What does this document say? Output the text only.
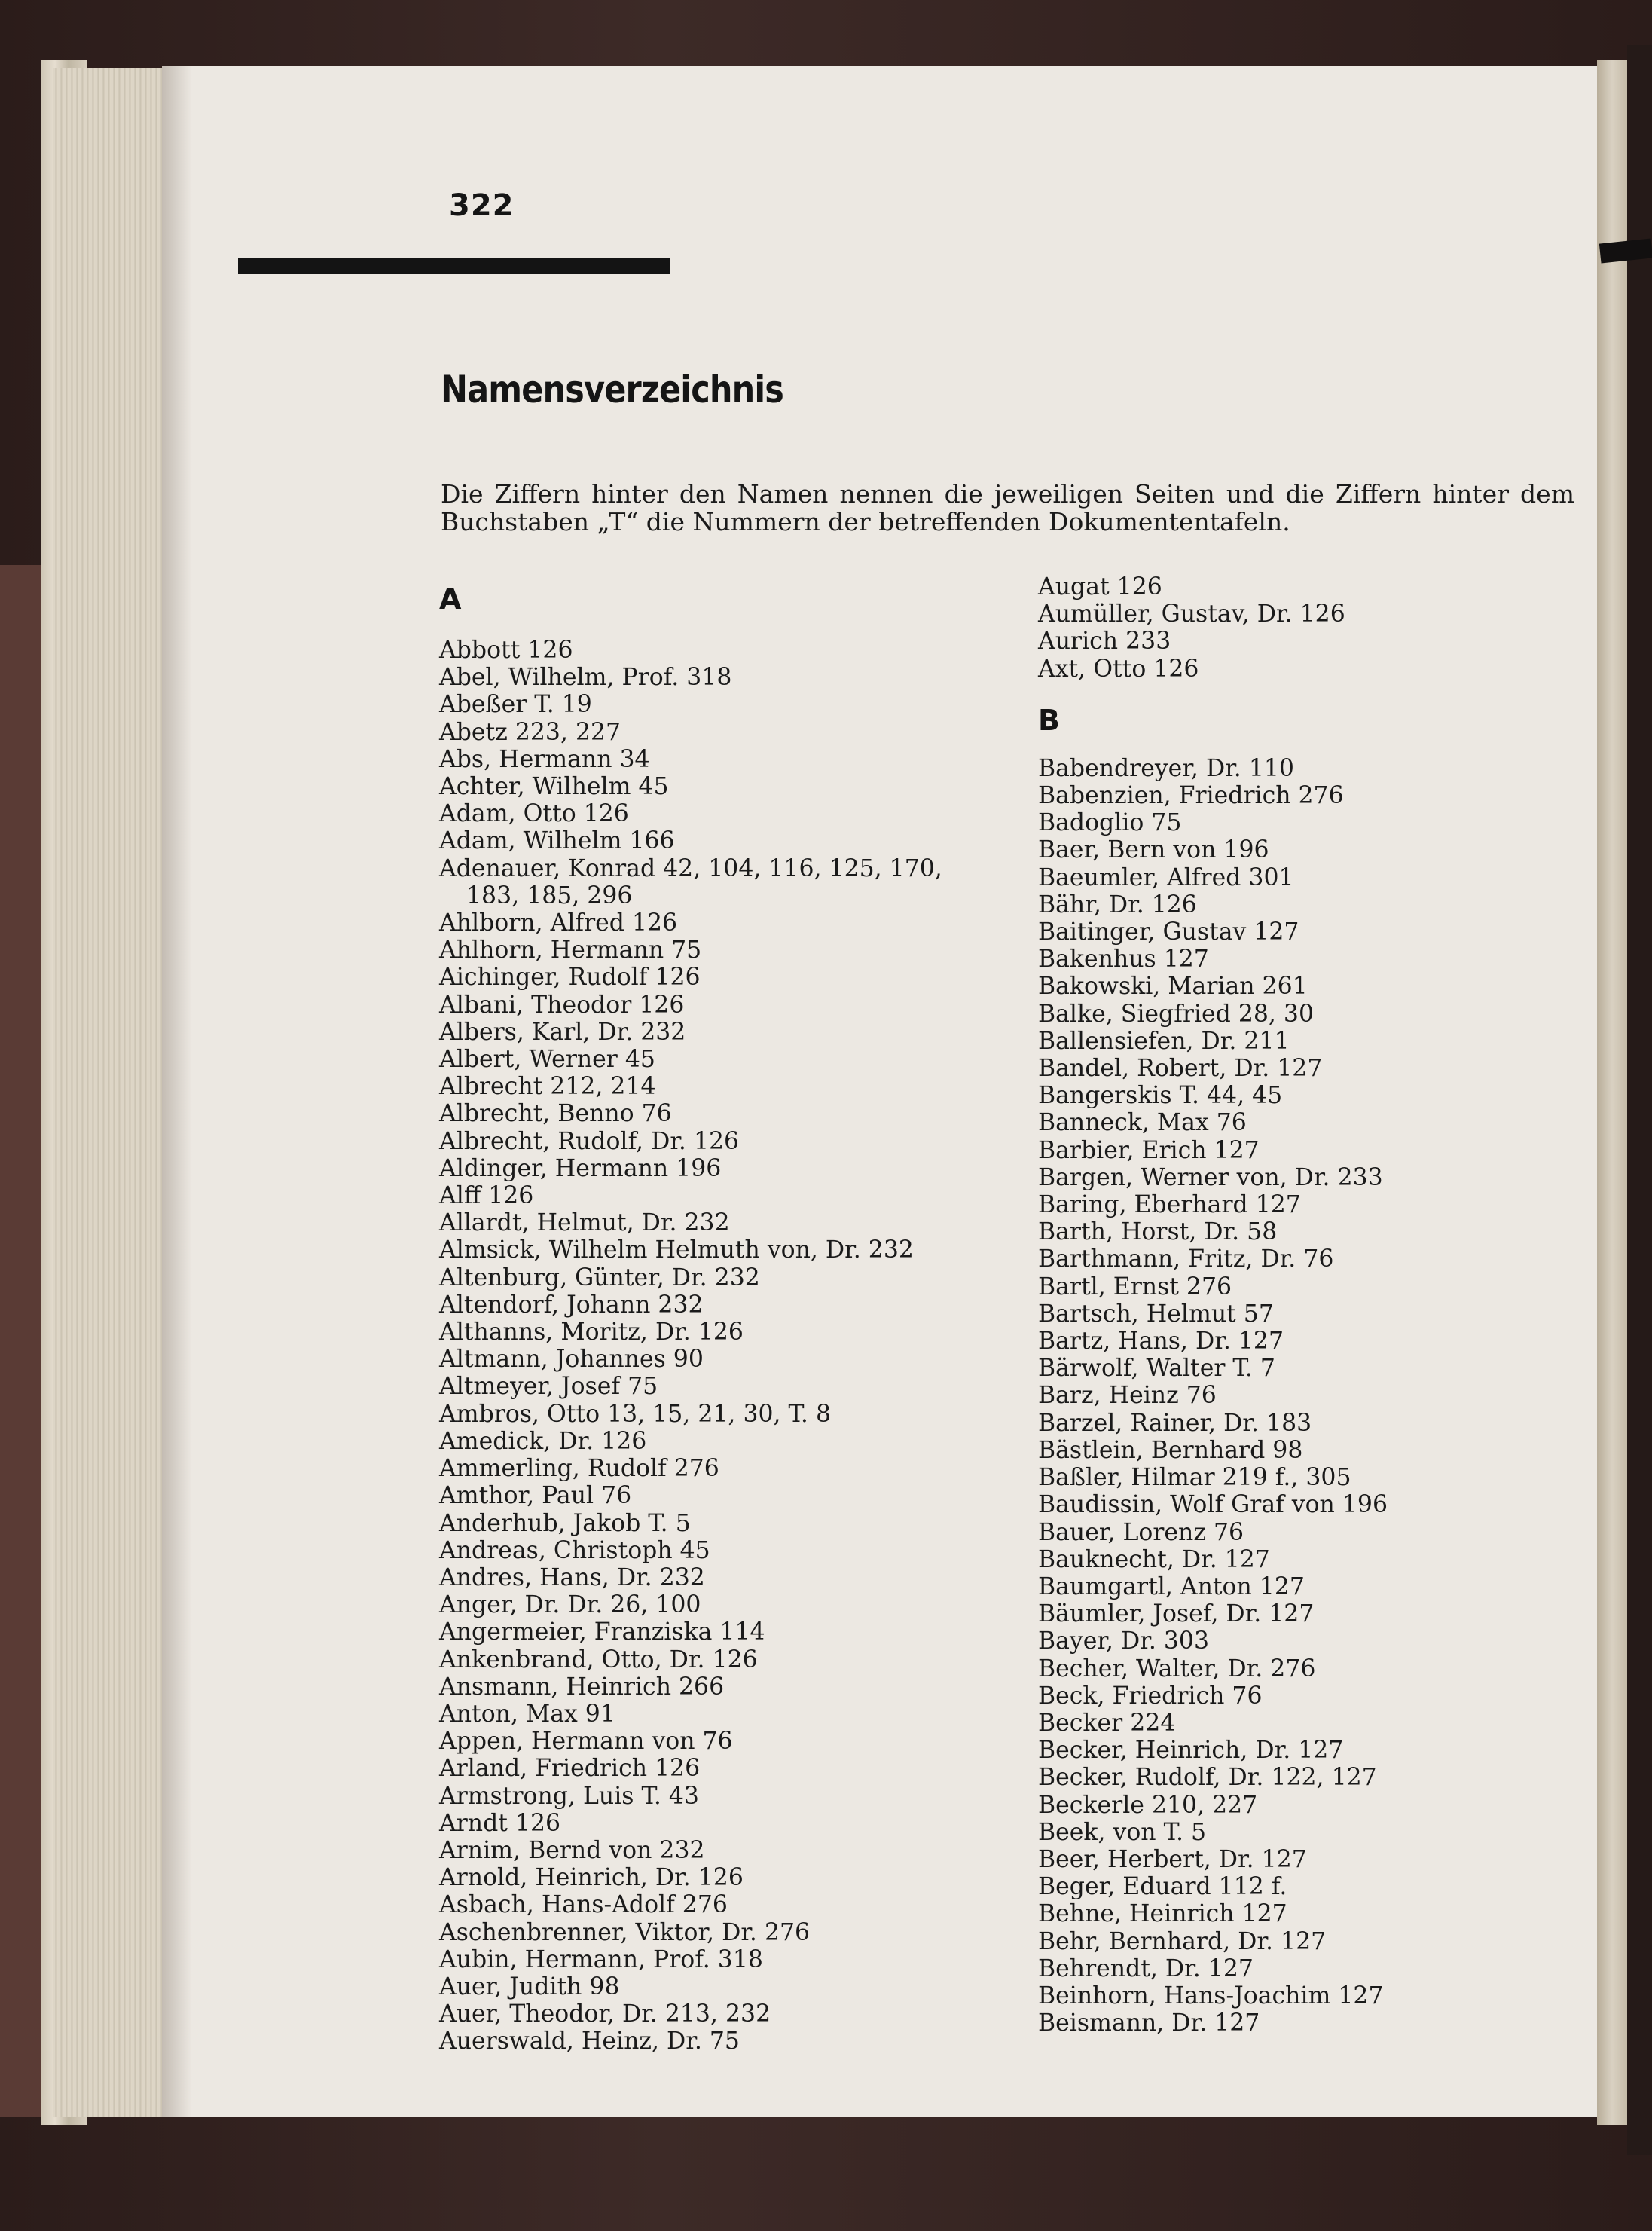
322
Namensverzeichnis
Die Ziffern hinter den Namen nennen die jeweiligen Seiten und die Ziffern hinter dem Buchstaben „T“ die Nummern der betreffenden Dokumententafeln.
A
Abbott 126
Abel, Wilhelm, Prof. 318
Abeßer T. 19
Abetz 223, 227
Abs, Hermann 34
Achter, Wilhelm 45
Adam, Otto 126
Adam, Wilhelm 166
Adenauer, Konrad 42, 104, 116, 125, 170, 183, 185, 296
Ahlborn, Alfred 126
Ahlhorn, Hermann 75
Aichinger, Rudolf 126
Albani, Theodor 126
Albers, Karl, Dr. 232
Albert, Werner 45
Albrecht 212, 214
Albrecht, Benno 76
Albrecht, Rudolf, Dr. 126
Aldinger, Hermann 196
Alff 126
Allardt, Helmut, Dr. 232
Almsick, Wilhelm Helmuth von, Dr. 232
Altenburg, Günter, Dr. 232
Altendorf, Johann 232
Althanns, Moritz, Dr. 126
Altmann, Johannes 90
Altmeyer, Josef 75
Ambros, Otto 13, 15, 21, 30, T. 8
Amedick, Dr. 126
Ammerling, Rudolf 276
Amthor, Paul 76
Anderhub, Jakob T. 5
Andreas, Christoph 45
Andres, Hans, Dr. 232
Anger, Dr. Dr. 26, 100
Angermeier, Franziska 114
Ankenbrand, Otto, Dr. 126
Ansmann, Heinrich 266
Anton, Max 91
Appen, Hermann von 76
Arland, Friedrich 126
Armstrong, Luis T. 43
Arndt 126
Arnim, Bernd von 232
Arnold, Heinrich, Dr. 126
Asbach, Hans-Adolf 276
Aschenbrenner, Viktor, Dr. 276
Aubin, Hermann, Prof. 318
Auer, Judith 98
Auer, Theodor, Dr. 213, 232
Auerswald, Heinz, Dr. 75
Augat 126
Aumüller, Gustav, Dr. 126
Aurich 233
Axt, Otto 126
B
Babendreyer, Dr. 110
Babenzien, Friedrich 276
Badoglio 75
Baer, Bern von 196
Baeumler, Alfred 301
Bähr, Dr. 126
Baitinger, Gustav 127
Bakenhus 127
Bakowski, Marian 261
Balke, Siegfried 28, 30
Ballensiefen, Dr. 211
Bandel, Robert, Dr. 127
Bangerskis T. 44, 45
Banneck, Max 76
Barbier, Erich 127
Bargen, Werner von, Dr. 233
Baring, Eberhard 127
Barth, Horst, Dr. 58
Barthmann, Fritz, Dr. 76
Bartl, Ernst 276
Bartsch, Helmut 57
Bartz, Hans, Dr. 127
Bärwolf, Walter T. 7
Barz, Heinz 76
Barzel, Rainer, Dr. 183
Bästlein, Bernhard 98
Baßler, Hilmar 219 f., 305
Baudissin, Wolf Graf von 196
Bauer, Lorenz 76
Bauknecht, Dr. 127
Baumgartl, Anton 127
Bäumler, Josef, Dr. 127
Bayer, Dr. 303
Becher, Walter, Dr. 276
Beck, Friedrich 76
Becker 224
Becker, Heinrich, Dr. 127
Becker, Rudolf, Dr. 122, 127
Beckerle 210, 227
Beek, von T. 5
Beer, Herbert, Dr. 127
Beger, Eduard 112 f.
Behne, Heinrich 127
Behr, Bernhard, Dr. 127
Behrendt, Dr. 127
Beinhorn, Hans-Joachim 127
Beismann, Dr. 127
